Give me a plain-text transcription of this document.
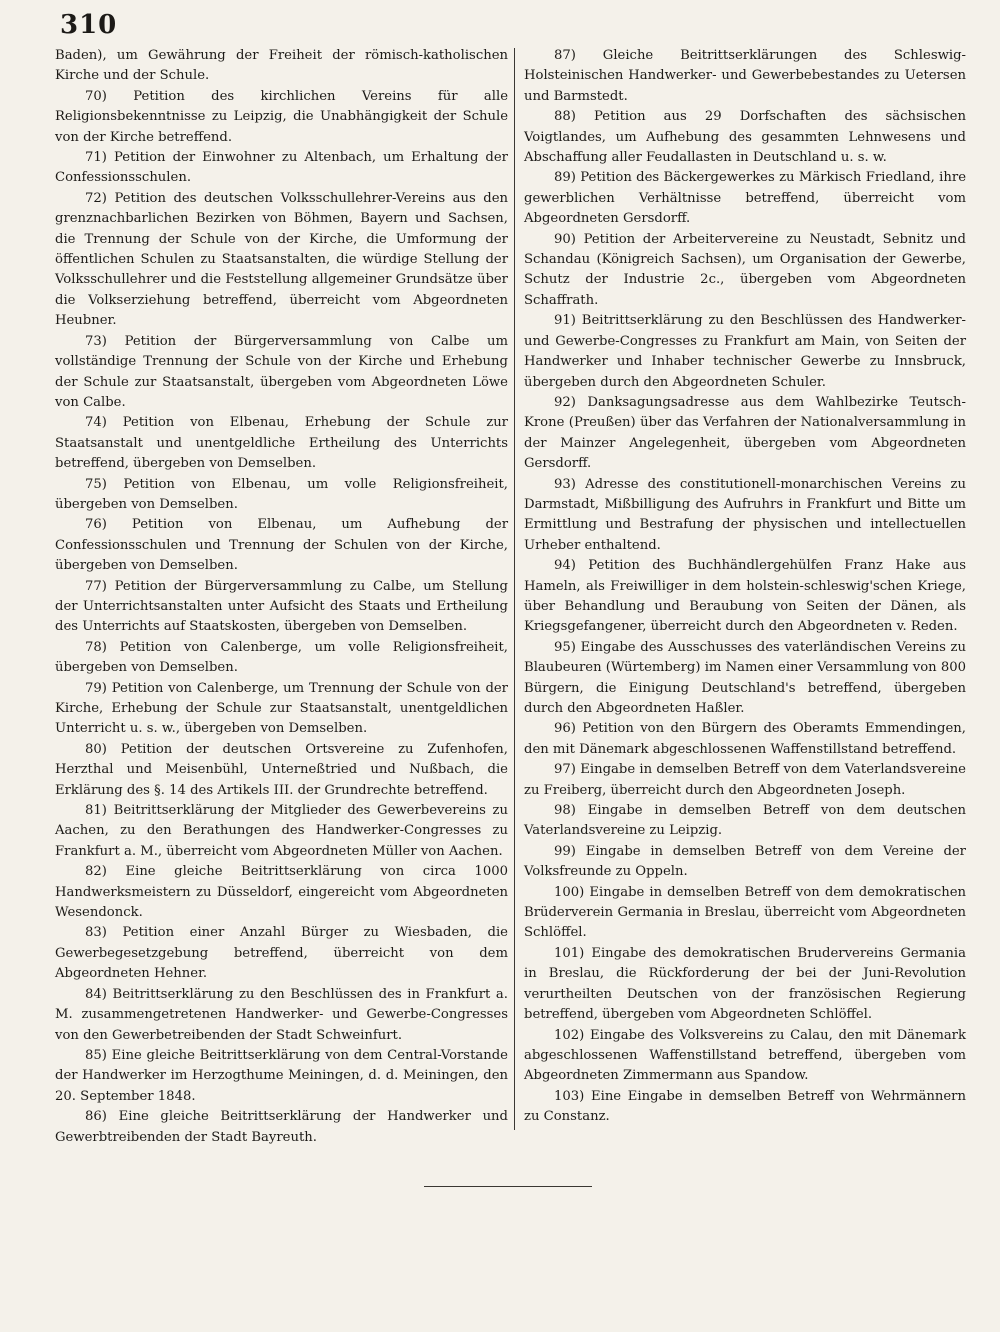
310

Baden), um Gewährung der Freiheit der römisch-katholischen Kirche und der Schule.

70) Petition des kirchlichen Vereins für alle Religionsbekenntnisse zu Leipzig, die Unabhängigkeit der Schule von der Kirche betreffend.

71) Petition der Einwohner zu Altenbach, um Erhaltung der Confessionsschulen.

72) Petition des deutschen Volksschullehrer-Vereins aus den grenznachbarlichen Bezirken von Böhmen, Bayern und Sachsen, die Trennung der Schule von der Kirche, die Umformung der öffentlichen Schulen zu Staatsanstalten, die würdige Stellung der Volksschullehrer und die Feststellung allgemeiner Grundsätze über die Volkserziehung betreffend, überreicht vom Abgeordneten Heubner.

73) Petition der Bürgerversammlung von Calbe um vollständige Trennung der Schule von der Kirche und Erhebung der Schule zur Staatsanstalt, übergeben vom Abgeordneten Löwe von Calbe.

74) Petition von Elbenau, Erhebung der Schule zur Staatsanstalt und unentgeldliche Ertheilung des Unterrichts betreffend, übergeben von Demselben.

75) Petition von Elbenau, um volle Religionsfreiheit, übergeben von Demselben.

76) Petition von Elbenau, um Aufhebung der Confessionsschulen und Trennung der Schulen von der Kirche, übergeben von Demselben.

77) Petition der Bürgerversammlung zu Calbe, um Stellung der Unterrichtsanstalten unter Aufsicht des Staats und Ertheilung des Unterrichts auf Staatskosten, übergeben von Demselben.

78) Petition von Calenberge, um volle Religionsfreiheit, übergeben von Demselben.

79) Petition von Calenberge, um Trennung der Schule von der Kirche, Erhebung der Schule zur Staatsanstalt, unentgeldlichen Unterricht u. s. w., übergeben von Demselben.

80) Petition der deutschen Ortsvereine zu Zufenhofen, Herzthal und Meisenbühl, Unterneßtried und Nußbach, die Erklärung des §. 14 des Artikels III. der Grundrechte betreffend.

81) Beitrittserklärung der Mitglieder des Gewerbevereins zu Aachen, zu den Berathungen des Handwerker-Congresses zu Frankfurt a. M., überreicht vom Abgeordneten Müller von Aachen.

82) Eine gleiche Beitrittserklärung von circa 1000 Handwerksmeistern zu Düsseldorf, eingereicht vom Abgeordneten Wesendonck.

83) Petition einer Anzahl Bürger zu Wiesbaden, die Gewerbegesetzgebung betreffend, überreicht von dem Abgeordneten Hehner.

84) Beitrittserklärung zu den Beschlüssen des in Frankfurt a. M. zusammengetretenen Handwerker- und Gewerbe-Congresses von den Gewerbetreibenden der Stadt Schweinfurt.

85) Eine gleiche Beitrittserklärung von dem Central-Vorstande der Handwerker im Herzogthume Meiningen, d. d. Meiningen, den 20. September 1848.

86) Eine gleiche Beitrittserklärung der Handwerker und Gewerbtreibenden der Stadt Bayreuth.

87) Gleiche Beitrittserklärungen des Schleswig-Holsteinischen Handwerker- und Gewerbebestandes zu Uetersen und Barmstedt.

88) Petition aus 29 Dorfschaften des sächsischen Voigtlandes, um Aufhebung des gesammten Lehnwesens und Abschaffung aller Feudallasten in Deutschland u. s. w.

89) Petition des Bäckergewerkes zu Märkisch Friedland, ihre gewerblichen Verhältnisse betreffend, überreicht vom Abgeordneten Gersdorff.

90) Petition der Arbeitervereine zu Neustadt, Sebnitz und Schandau (Königreich Sachsen), um Organisation der Gewerbe, Schutz der Industrie 2c., übergeben vom Abgeordneten Schaffrath.

91) Beitrittserklärung zu den Beschlüssen des Handwerker- und Gewerbe-Congresses zu Frankfurt am Main, von Seiten der Handwerker und Inhaber technischer Gewerbe zu Innsbruck, übergeben durch den Abgeordneten Schuler.

92) Danksagungsadresse aus dem Wahlbezirke Teutsch-Krone (Preußen) über das Verfahren der Nationalversammlung in der Mainzer Angelegenheit, übergeben vom Abgeordneten Gersdorff.

93) Adresse des constitutionell-monarchischen Vereins zu Darmstadt, Mißbilligung des Aufruhrs in Frankfurt und Bitte um Ermittlung und Bestrafung der physischen und intellectuellen Urheber enthaltend.

94) Petition des Buchhändlergehülfen Franz Hake aus Hameln, als Freiwilliger in dem holstein-schleswig'schen Kriege, über Behandlung und Beraubung von Seiten der Dänen, als Kriegsgefangener, überreicht durch den Abgeordneten v. Reden.

95) Eingabe des Ausschusses des vaterländischen Vereins zu Blaubeuren (Würtemberg) im Namen einer Versammlung von 800 Bürgern, die Einigung Deutschland's betreffend, übergeben durch den Abgeordneten Haßler.

96) Petition von den Bürgern des Oberamts Emmendingen, den mit Dänemark abgeschlossenen Waffenstillstand betreffend.

97) Eingabe in demselben Betreff von dem Vaterlandsvereine zu Freiberg, überreicht durch den Abgeordneten Joseph.

98) Eingabe in demselben Betreff von dem deutschen Vaterlandsvereine zu Leipzig.

99) Eingabe in demselben Betreff von dem Vereine der Volksfreunde zu Oppeln.

100) Eingabe in demselben Betreff von dem demokratischen Brüderverein Germania in Breslau, überreicht vom Abgeordneten Schlöffel.

101) Eingabe des demokratischen Brudervereins Germania in Breslau, die Rückforderung der bei der Juni-Revolution verurtheilten Deutschen von der französischen Regierung betreffend, übergeben vom Abgeordneten Schlöffel.

102) Eingabe des Volksvereins zu Calau, den mit Dänemark abgeschlossenen Waffenstillstand betreffend, übergeben vom Abgeordneten Zimmermann aus Spandow.

103) Eine Eingabe in demselben Betreff von Wehrmännern zu Constanz.
